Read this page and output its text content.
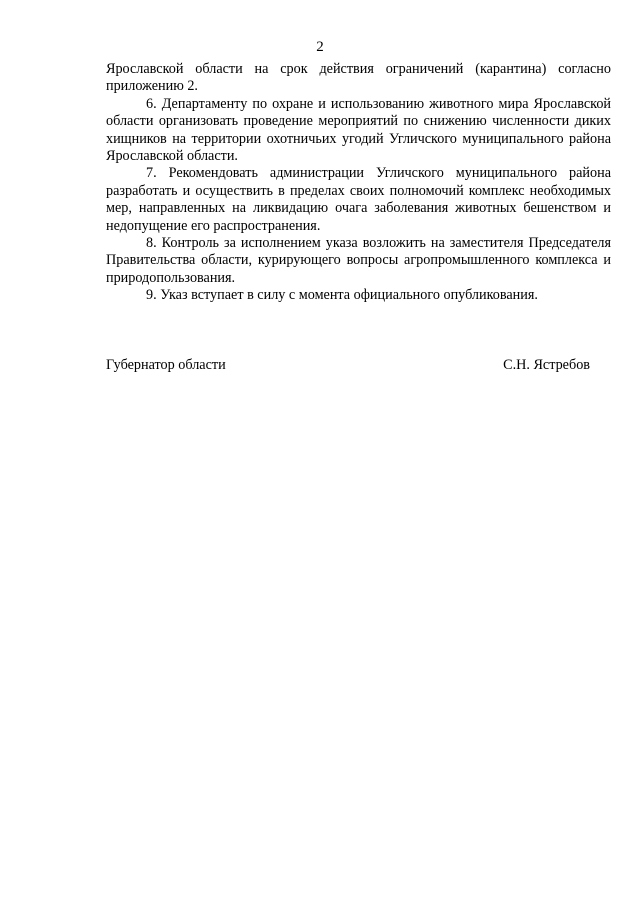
2

Ярославской области на срок действия ограничений (карантина) согласно приложению 2.

6. Департаменту по охране и использованию животного мира Ярославской области организовать проведение мероприятий по снижению численности диких хищников на территории охотничьих угодий Угличского муниципального района Ярославской области.

7. Рекомендовать администрации Угличского муниципального района разработать и осуществить в пределах своих полномочий комплекс необходимых мер, направленных на ликвидацию очага заболевания животных бешенством и недопущение его распространения.

8. Контроль за исполнением указа возложить на заместителя Председателя Правительства области, курирующего вопросы агропромышленного комплекса и природопользования.

9. Указ вступает в силу с момента официального опубликования.

Губернатор области	С.Н. Ястребов
